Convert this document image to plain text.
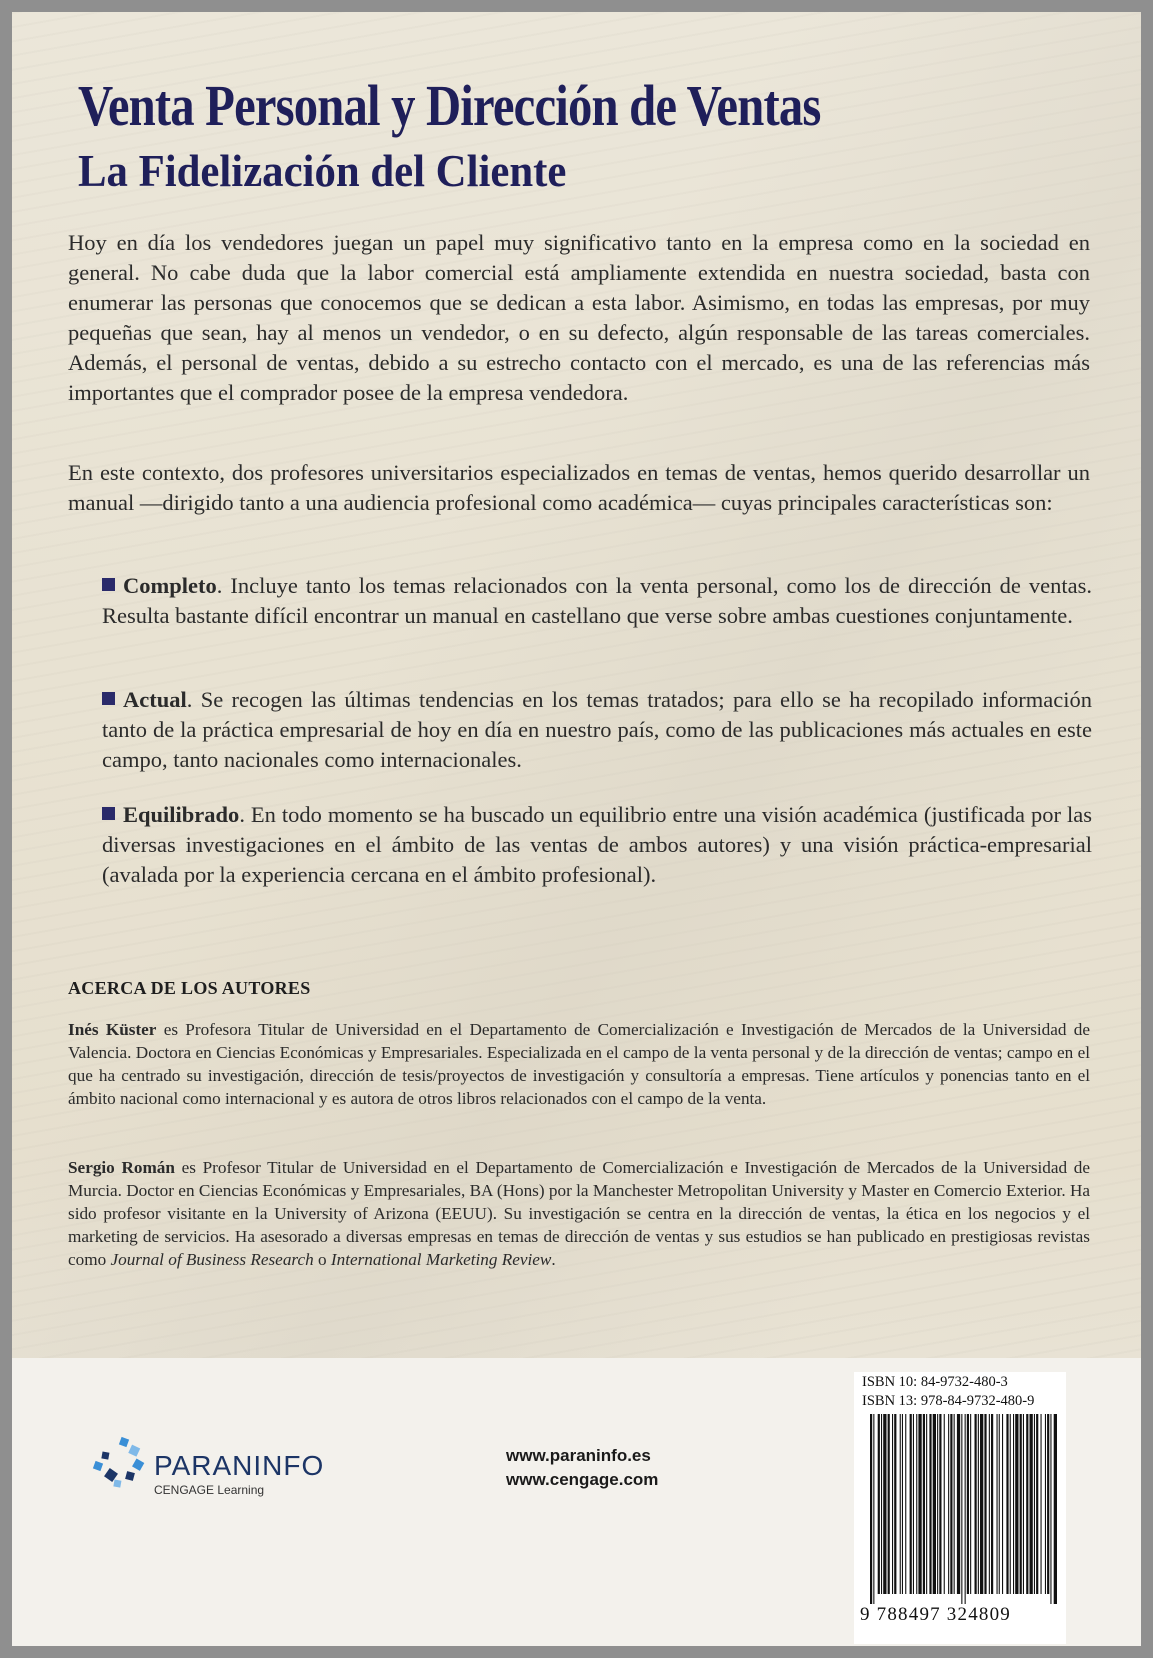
Venta Personal y Dirección de Ventas
La Fidelización del Cliente

Hoy en día los vendedores juegan un papel muy significativo tanto en la empresa como en la sociedad en general. No cabe duda que la labor comercial está ampliamente extendida en nuestra sociedad, basta con enumerar las personas que conocemos que se dedican a esta labor. Asimismo, en todas las empresas, por muy pequeñas que sean, hay al menos un vendedor, o en su defecto, algún responsable de las tareas comerciales. Además, el personal de ventas, debido a su estrecho contacto con el mercado, es una de las referencias más importantes que el comprador posee de la empresa vendedora.

En este contexto, dos profesores universitarios especializados en temas de ventas, hemos querido desarrollar un manual —dirigido tanto a una audiencia profesional como académica— cuyas principales características son:

Completo. Incluye tanto los temas relacionados con la venta personal, como los de dirección de ventas. Resulta bastante difícil encontrar un manual en castellano que verse sobre ambas cuestiones conjuntamente.

Actual. Se recogen las últimas tendencias en los temas tratados; para ello se ha recopilado información tanto de la práctica empresarial de hoy en día en nuestro país, como de las publicaciones más actuales en este campo, tanto nacionales como internacionales.

Equilibrado. En todo momento se ha buscado un equilibrio entre una visión académica (justificada por las diversas investigaciones en el ámbito de las ventas de ambos autores) y una visión práctica-empresarial (avalada por la experiencia cercana en el ámbito profesional).

ACERCA DE LOS AUTORES

Inés Küster es Profesora Titular de Universidad en el Departamento de Comercialización e Investigación de Mercados de la Universidad de Valencia. Doctora en Ciencias Económicas y Empresariales. Especializada en el campo de la venta personal y de la dirección de ventas; campo en el que ha centrado su investigación, dirección de tesis/proyectos de investigación y consultoría a empresas. Tiene artículos y ponencias tanto en el ámbito nacional como internacional y es autora de otros libros relacionados con el campo de la venta.

Sergio Román es Profesor Titular de Universidad en el Departamento de Comercialización e Investigación de Mercados de la Universidad de Murcia. Doctor en Ciencias Económicas y Empresariales, BA (Hons) por la Manchester Metropolitan University y Master en Comercio Exterior. Ha sido profesor visitante en la University of Arizona (EEUU). Su investigación se centra en la dirección de ventas, la ética en los negocios y el marketing de servicios. Ha asesorado a diversas empresas en temas de dirección de ventas y sus estudios se han publicado en prestigiosas revistas como Journal of Business Research o International Marketing Review.

PARANINFO
CENGAGE Learning
www.paraninfo.es
www.cengage.com
ISBN 10: 84-9732-480-3
ISBN 13: 978-84-9732-480-9
9 788497 324809
